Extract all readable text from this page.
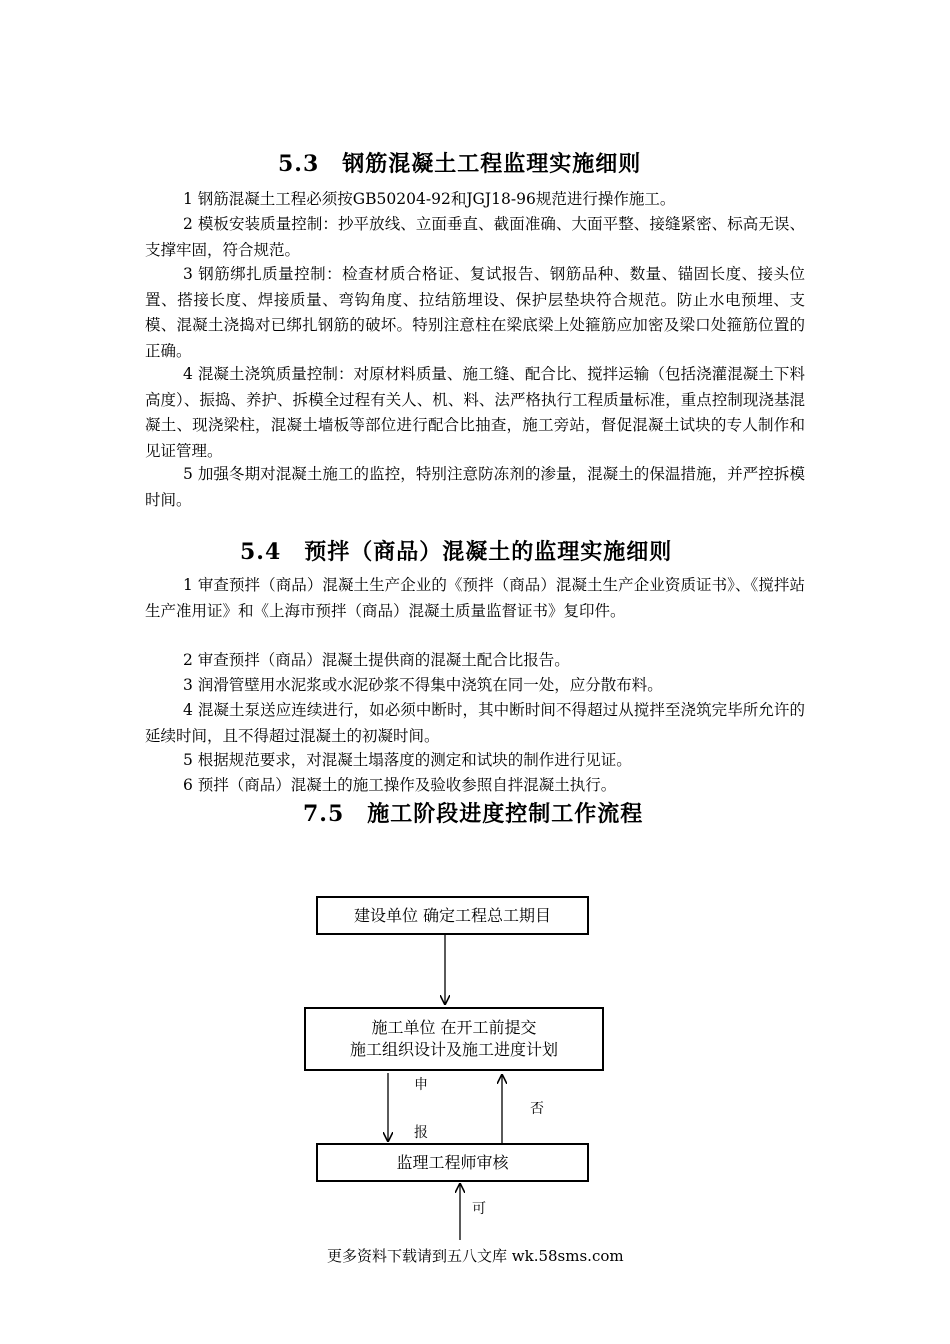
5.3　钢筋混凝土工程监理实施细则

1 钢筋混凝土工程必须按GB50204-92和JGJ18-96规范进行操作施工。

2 模板安装质量控制：抄平放线、立面垂直、截面准确、大面平整、接缝紧密、标高无误、支撑牢固，符合规范。

3 钢筋绑扎质量控制：检查材质合格证、复试报告、钢筋品种、数量、锚固长度、接头位置、搭接长度、焊接质量、弯钩角度、拉结筋埋设、保护层垫块符合规范。防止水电预埋、支模、混凝土浇捣对已绑扎钢筋的破坏。特别注意柱在梁底梁上处箍筋应加密及梁口处箍筋位置的正确。

4 混凝土浇筑质量控制：对原材料质量、施工缝、配合比、搅拌运输（包括浇灌混凝土下料高度）、振捣、养护、拆模全过程有关人、机、料、法严格执行工程质量标准，重点控制现浇基混凝土、现浇梁柱，混凝土墙板等部位进行配合比抽查，施工旁站，督促混凝土试块的专人制作和见证管理。

5 加强冬期对混凝土施工的监控，特别注意防冻剂的渗量，混凝土的保温措施，并严控拆模时间。

5.4　预拌（商品）混凝土的监理实施细则

1 审查预拌（商品）混凝土生产企业的《预拌（商品）混凝土生产企业资质证书》、《搅拌站生产准用证》和《上海市预拌（商品）混凝土质量监督证书》复印件。

2 审查预拌（商品）混凝土提供商的混凝土配合比报告。

3 润滑管壁用水泥浆或水泥砂浆不得集中浇筑在同一处，应分散布料。

4 混凝土泵送应连续进行，如必须中断时，其中断时间不得超过从搅拌至浇筑完毕所允许的延续时间，且不得超过混凝土的初凝时间。

5 根据规范要求，对混凝土塌落度的测定和试块的制作进行见证。

6 预拌（商品）混凝土的施工操作及验收参照自拌混凝土执行。

7.5　施工阶段进度控制工作流程
建设单位 确定工程总工期目
施工单位 在开工前提交
施工组织设计及施工进度计划
监理工程师审核
申
报
否
可
更多资料下载请到五八文库 wk.58sms.com
